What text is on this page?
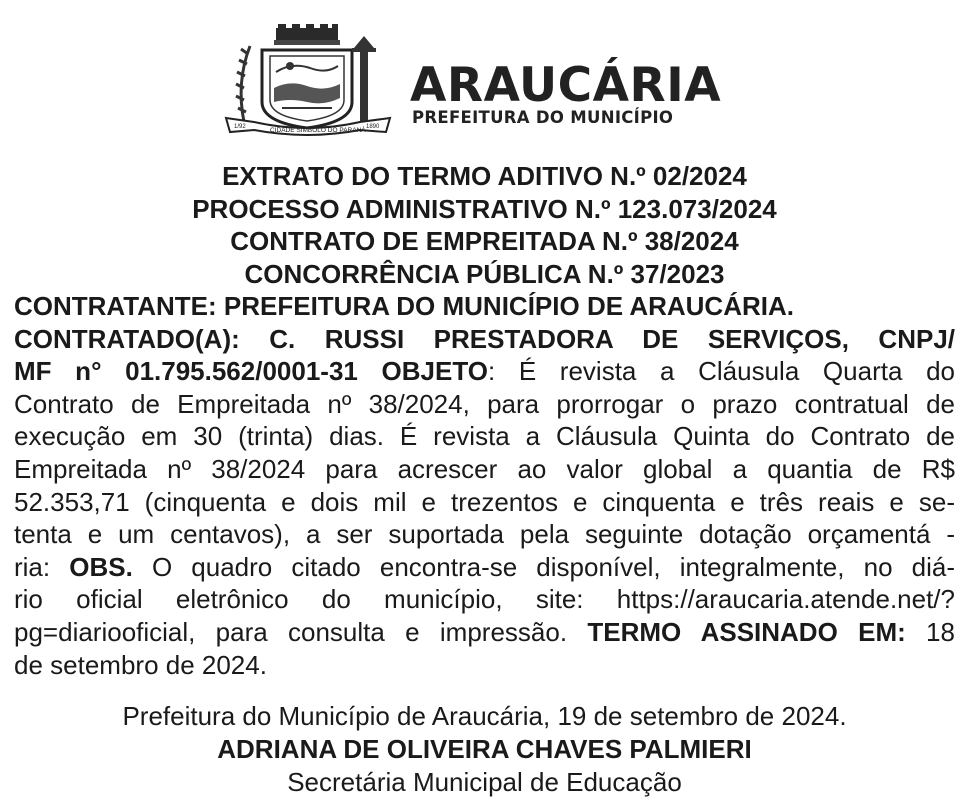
1/92	CIDADE SÍMBOLO DO PARANÁ 1890
ARAUCÁRIA
PREFEITURA DO MUNICÍPIO
EXTRATO DO TERMO ADITIVO N.º 02/2024
PROCESSO ADMINISTRATIVO N.º 123.073/2024
CONTRATO DE EMPREITADA N.º 38/2024
CONCORRÊNCIA PÚBLICA N.º 37/2023
CONTRATANTE: PREFEITURA DO MUNICÍPIO DE ARAUCÁRIA.
CONTRATADO(A): C. RUSSI PRESTADORA DE SERVIÇOS, CNPJ/
MF n° 01.795.562/0001-31 OBJETO: É revista a Cláusula Quarta do
Contrato de Empreitada nº 38/2024, para prorrogar o prazo contratual de
execução em 30 (trinta) dias. É revista a Cláusula Quinta do Contrato de
Empreitada nº 38/2024 para acrescer ao valor global a quantia de R$
52.353,71 (cinquenta e dois mil e trezentos e cinquenta e três reais e se-
tenta e um centavos), a ser suportada pela seguinte dotação orçamentá -
ria: OBS. O quadro citado encontra-se disponível, integralmente, no diá-
rio oficial eletrônico do município, site: https://araucaria.atende.net/?
pg=diariooficial, para consulta e impressão. TERMO ASSINADO EM: 18
de setembro de 2024.
Prefeitura do Município de Araucária, 19 de setembro de 2024.
ADRIANA DE OLIVEIRA CHAVES PALMIERI
Secretária Municipal de Educação
